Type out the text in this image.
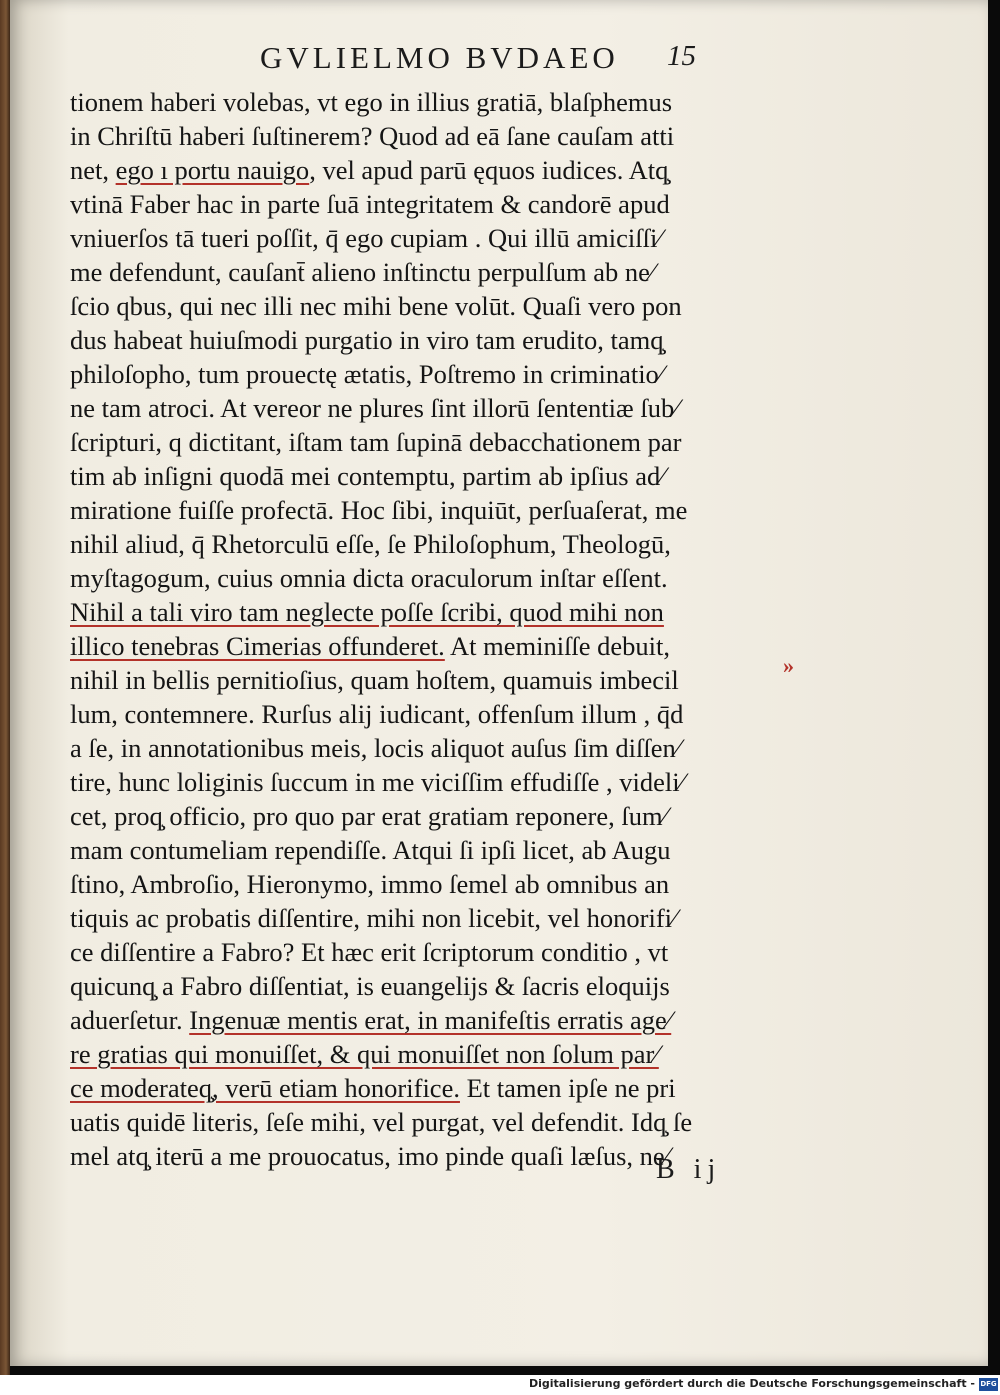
GVLIELMO BVDAEO 15
tionem haberi volebas, vt ego in illius gratiā, blaſphemus
in Chriſtū haberi ſuſtinerem? Quod ad eā ſane cauſam atti
net, ego ı portu nauigo, vel apud parū ęquos iudices. Atq̧
vtinā Faber hac in parte ſuā integritatem & candorē apud
vniuerſos tā tueri poſſit, q̄ ego cupiam . Qui illū amiciſſi⁄
me defendunt, cauſant̄ alieno inſtinctu perpulſum ab ne⁄
ſcio qbus, qui nec illi nec mihi bene volūt. Quaſi vero pon
dus habeat huiuſmodi purgatio in viro tam erudito, tamq̧
philoſopho, tum prouectę ætatis, Poſtremo in criminatio⁄
ne tam atroci. At vereor ne plures ſint illorū ſententiæ ſub⁄
ſcripturi, q dictitant, iſtam tam ſupinā debacchationem par
tim ab inſigni quodā mei contemptu, partim ab ipſius ad⁄
miratione fuiſſe profectā. Hoc ſibi, inquiūt, perſuaſerat, me
nihil aliud, q̄ Rhetorculū eſſe, ſe Philoſophum, Theologū,
myſtagogum, cuius omnia dicta oraculorum inſtar eſſent.
Nihil a tali viro tam neglecte poſſe ſcribi, quod mihi non
illico tenebras Cimerias offunderet. At meminiſſe debuit,
nihil in bellis pernitioſius, quam hoſtem, quamuis imbecil
lum, contemnere. Rurſus alij iudicant, offenſum illum , q̄d
a ſe, in annotationibus meis, locis aliquot auſus ſim diſſen⁄
tire, hunc loliginis ſuccum in me viciſſim effudiſſe , videli⁄
cet, proq̧ officio, pro quo par erat gratiam reponere, ſum⁄
mam contumeliam rependiſſe. Atqui ſi ipſi licet, ab Augu
ſtino, Ambroſio, Hieronymo, immo ſemel ab omnibus an
tiquis ac probatis diſſentire, mihi non licebit, vel honorifi⁄
ce diſſentire a Fabro? Et hæc erit ſcriptorum conditio , vt
quicunq̧ a Fabro diſſentiat, is euangelijs & ſacris eloquijs
aduerſetur. Ingenuæ mentis erat, in manifeſtis erratis age⁄
re gratias qui monuiſſet, & qui monuiſſet non ſolum par⁄
ce moderateq̧, verū etiam honorifice. Et tamen ipſe ne pri
uatis quidē literis, ſeſe mihi, vel purgat, vel defendit. Idq̧ ſe
mel atq̧ iterū a me prouocatus, imo pinde quaſi læſus, ne⁄
»
B ij
Digitalisierung gefördert durch die Deutsche Forschungsgemeinschaft - DFG
